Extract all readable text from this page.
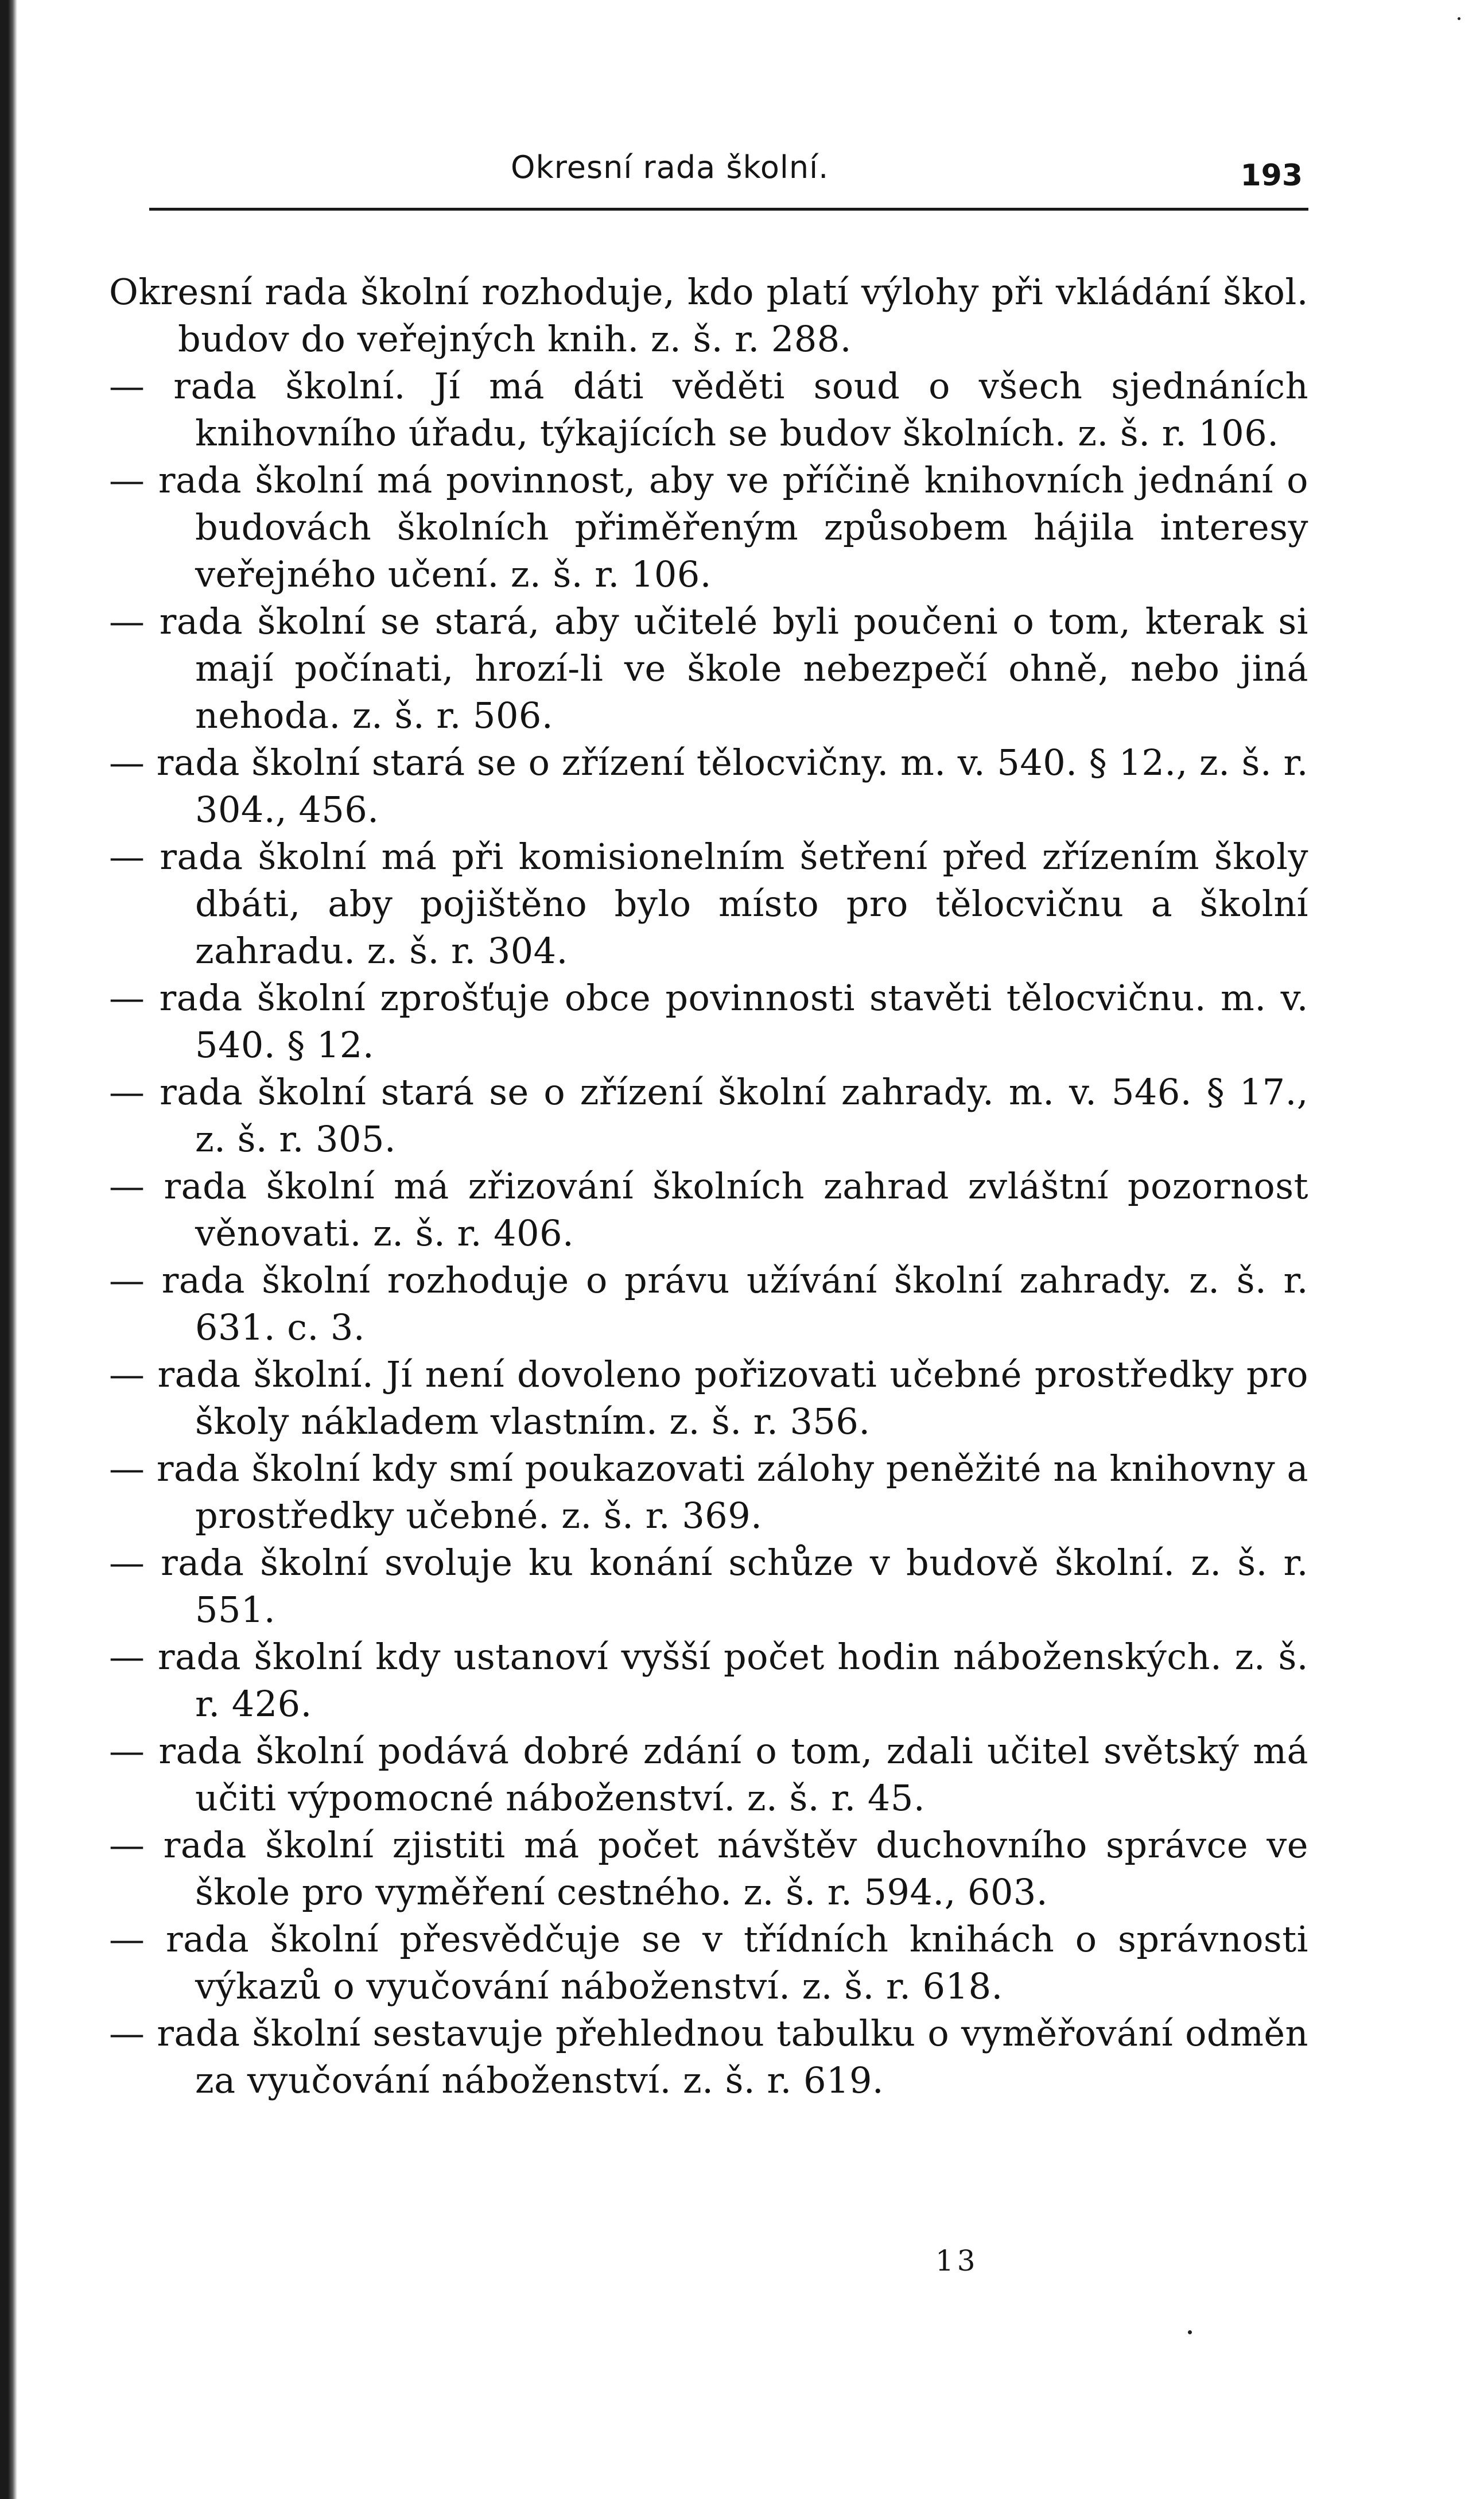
Okresní rada školní.	193

Okresní rada školní rozhoduje, kdo platí výlohy při vkládání škol. budov do veřejných knih. z. š. r. 288.

— rada školní. Jí má dáti věděti soud o všech sjednáních knihovního úřadu, týkajících se budov školních. z. š. r. 106.

— rada školní má povinnost, aby ve příčině knihovních jednání o budovách školních přiměřeným způsobem hájila interesy veřejného učení. z. š. r. 106.

— rada školní se stará, aby učitelé byli poučeni o tom, kterak si mají počínati, hrozí-li ve škole nebezpečí ohně, nebo jiná nehoda. z. š. r. 506.

— rada školní stará se o zřízení tělocvičny. m. v. 540. § 12., z. š. r. 304., 456.

— rada školní má při komisionelním šetření před zřízením školy dbáti, aby pojištěno bylo místo pro tělocvičnu a školní zahradu. z. š. r. 304.

— rada školní zprošťuje obce povinnosti stavěti tělocvičnu. m. v. 540. § 12.

— rada školní stará se o zřízení školní zahrady. m. v. 546. § 17., z. š. r. 305.

— rada školní má zřizování školních zahrad zvláštní pozornost věnovati. z. š. r. 406.

— rada školní rozhoduje o právu užívání školní zahrady. z. š. r. 631. c. 3.

— rada školní. Jí není dovoleno pořizovati učebné prostředky pro školy nákladem vlastním. z. š. r. 356.

— rada školní kdy smí poukazovati zálohy peněžité na knihovny a prostředky učebné. z. š. r. 369.

— rada školní svoluje ku konání schůze v budově školní. z. š. r. 551.

— rada školní kdy ustanoví vyšší počet hodin náboženských. z. š. r. 426.

— rada školní podává dobré zdání o tom, zdali učitel světský má učiti výpomocné náboženství. z. š. r. 45.

— rada školní zjistiti má počet návštěv duchovního správce ve škole pro vyměření cestného. z. š. r. 594., 603.

— rada školní přesvědčuje se v třídních knihách o správnosti výkazů o vyučování náboženství. z. š. r. 618.

— rada školní sestavuje přehlednou tabulku o vyměřování odměn za vyučování náboženství. z. š. r. 619.

13
